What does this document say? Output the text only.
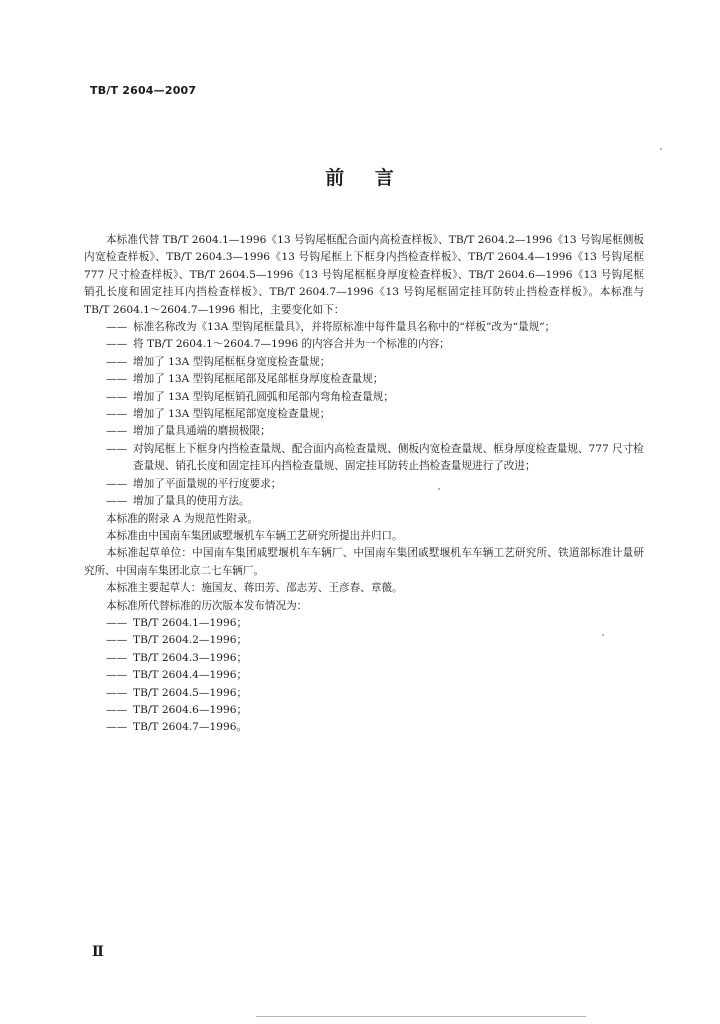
TB/T 2604—2007
前 言

本标准代替 TB/T 2604.1—1996《13 号钩尾框配合面内高检查样板》、TB/T 2604.2—1996《13 号钩尾框侧板内宽检查样板》、TB/T 2604.3—1996《13 号钩尾框上下框身内挡检查样板》、TB/T 2604.4—1996《13 号钩尾框 777 尺寸检查样板》、TB/T 2604.5—1996《13 号钩尾框框身厚度检查样板》、TB/T 2604.6—1996《13 号钩尾框销孔长度和固定挂耳内挡检查样板》、TB/T 2604.7—1996《13 号钩尾框固定挂耳防转止挡检查样板》。本标准与 TB/T 2604.1～2604.7—1996 相比，主要变化如下：

—— 标准名称改为《13A 型钩尾框量具》，并将原标准中每件量具名称中的“样板”改为“量规”；

—— 将 TB/T 2604.1～2604.7—1996 的内容合并为一个标准的内容；

—— 增加了 13A 型钩尾框框身宽度检查量规；

—— 增加了 13A 型钩尾框尾部及尾部框身厚度检查量规；

—— 增加了 13A 型钩尾框销孔圆弧和尾部内弯角检查量规；

—— 增加了 13A 型钩尾框尾部宽度检查量规；

—— 增加了量具通端的磨损极限；

—— 对钩尾框上下框身内挡检查量规、配合面内高检查量规、侧板内宽检查量规、框身厚度检查量规、777 尺寸检查量规、销孔长度和固定挂耳内挡检查量规、固定挂耳防转止挡检查量规进行了改进；

—— 增加了平面量规的平行度要求；

—— 增加了量具的使用方法。

本标准的附录 A 为规范性附录。

本标准由中国南车集团戚墅堰机车车辆工艺研究所提出并归口。

本标准起草单位：中国南车集团戚墅堰机车车辆厂、中国南车集团戚墅堰机车车辆工艺研究所、铁道部标准计量研究所、中国南车集团北京二七车辆厂。

本标准主要起草人：施国友、蒋田芳、邵志芳、王彦春、章薇。

本标准所代替标准的历次版本发布情况为：

—— TB/T 2604.1—1996；

—— TB/T 2604.2—1996；

—— TB/T 2604.3—1996；

—— TB/T 2604.4—1996；

—— TB/T 2604.5—1996；

—— TB/T 2604.6—1996；

—— TB/T 2604.7—1996。

Ⅱ
